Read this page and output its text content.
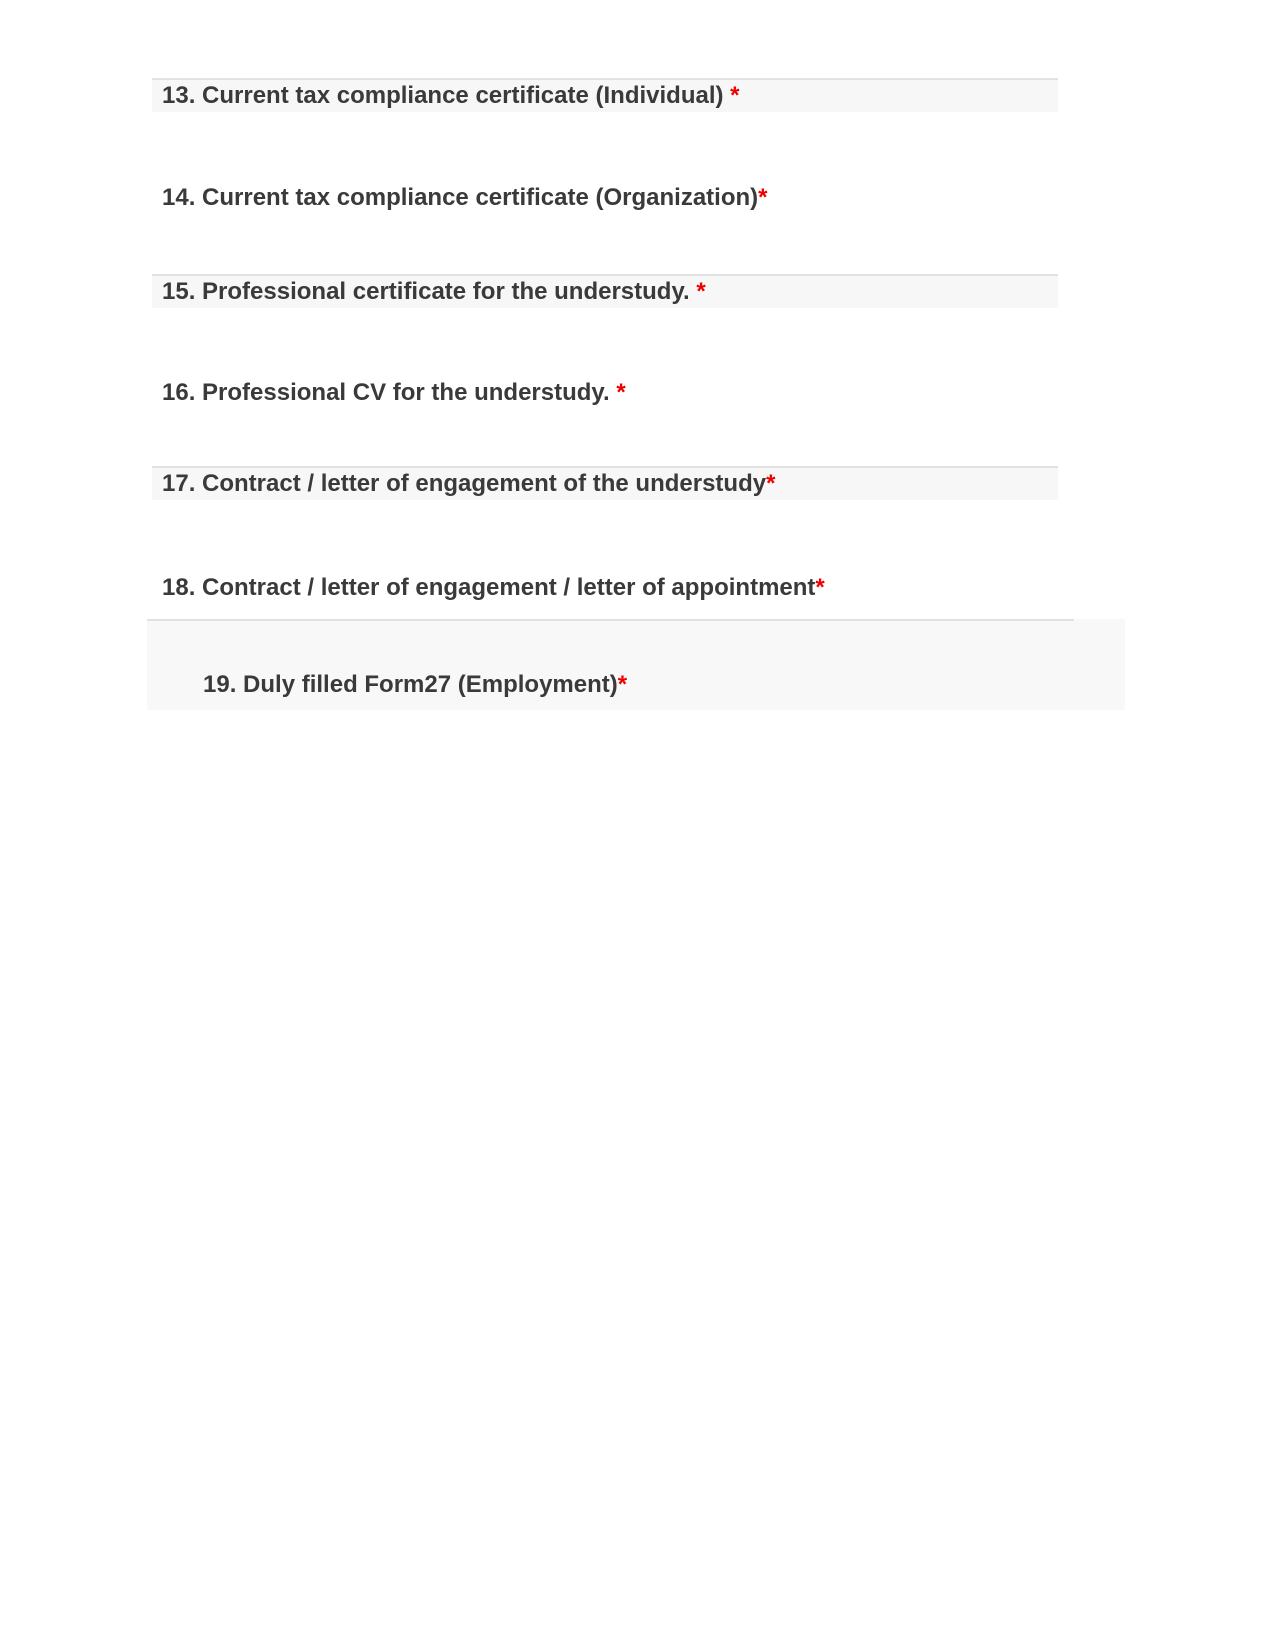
13. Current tax compliance certificate (Individual) *
14. Current tax compliance certificate (Organization) *
15. Professional certificate for the understudy. *
16. Professional CV for the understudy. *
17. Contract / letter of engagement of the understudy *
18. Contract / letter of engagement / letter of appointment *

19. Duly filled Form27 (Employment)*
